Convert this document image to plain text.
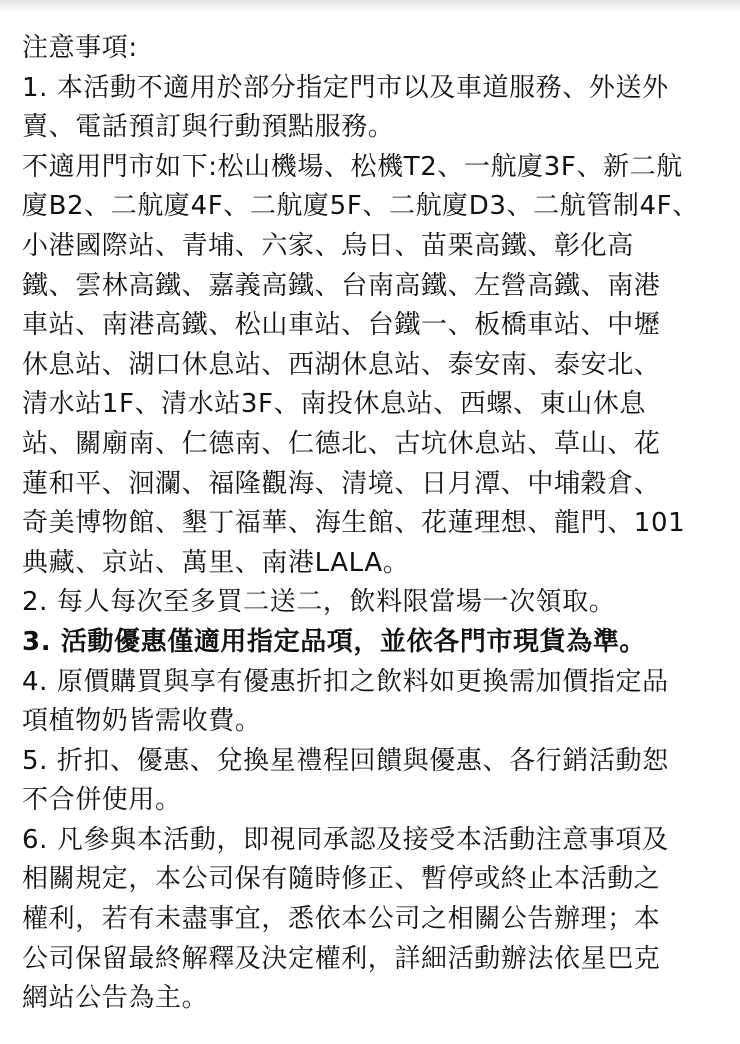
注意事項:
1. 本活動不適用於部分指定門市以及車道服務、外送外
賣、電話預訂與行動預點服務。
不適用門市如下:松山機場、松機T2、一航廈3F、新二航
廈B2、二航廈4F、二航廈5F、二航廈D3、二航管制4F、
小港國際站、青埔、六家、烏日、苗栗高鐵、彰化高
鐵、雲林高鐵、嘉義高鐵、台南高鐵、左營高鐵、南港
車站、南港高鐵、松山車站、台鐵一、板橋車站、中壢
休息站、湖口休息站、西湖休息站、泰安南、泰安北、
清水站1F、清水站3F、南投休息站、西螺、東山休息
站、關廟南、仁德南、仁德北、古坑休息站、草山、花
蓮和平、洄瀾、福隆觀海、清境、日月潭、中埔穀倉、
奇美博物館、墾丁福華、海生館、花蓮理想、龍門、101
典藏、京站、萬里、南港LALA。
2. 每人每次至多買二送二，飲料限當場一次領取。
3. 活動優惠僅適用指定品項，並依各門市現貨為準。
4. 原價購買與享有優惠折扣之飲料如更換需加價指定品
項植物奶皆需收費。
5. 折扣、優惠、兌換星禮程回饋與優惠、各行銷活動恕
不合併使用。
6. 凡參與本活動，即視同承認及接受本活動注意事項及
相關規定，本公司保有隨時修正、暫停或終止本活動之
權利，若有未盡事宜，悉依本公司之相關公告辦理；本
公司保留最終解釋及決定權利，詳細活動辦法依星巴克
網站公告為主。
